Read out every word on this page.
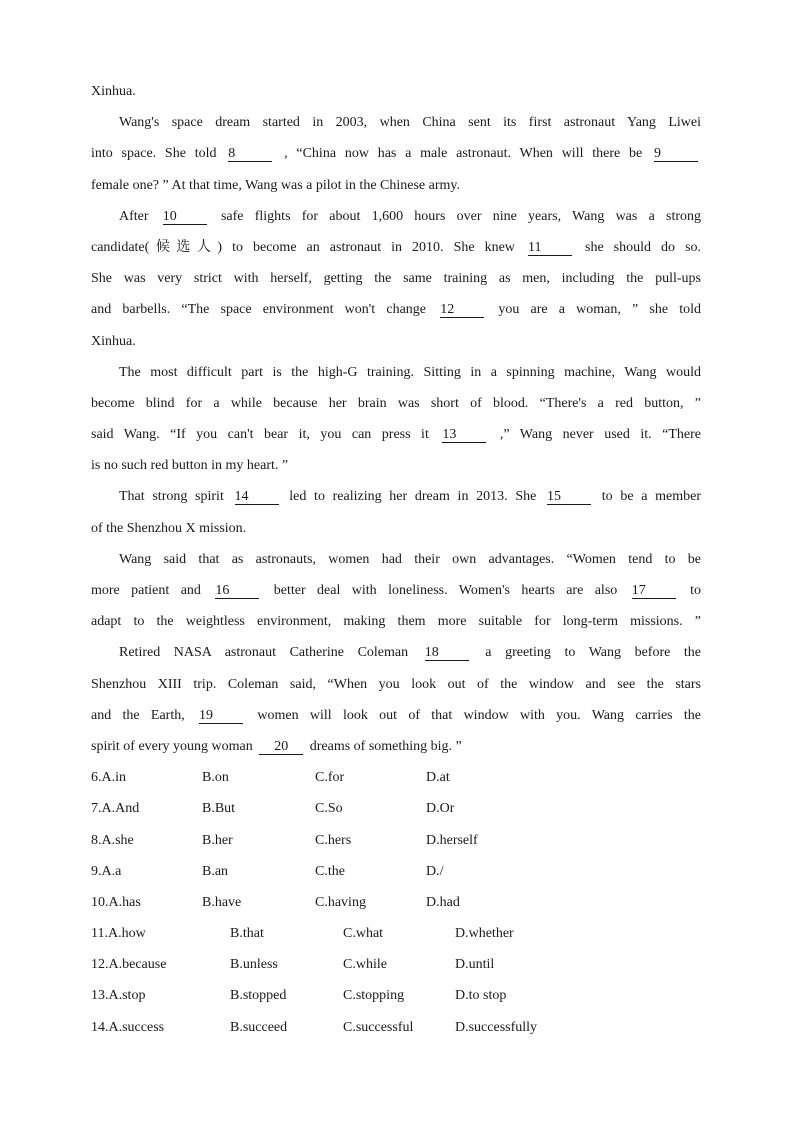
Xinhua.
Wang's space dream started in 2003, when China sent its first astronaut Yang Liwei
into space. She told 8	, “China now has a male astronaut. When will there be 9
female one? ” At that time, Wang was a pilot in the Chinese army.
After 10	safe flights for about 1,600 hours over nine years, Wang was a strong
candidate(候选人) to become an astronaut in 2010. She knew 11	she should do so.
She was very strict with herself, getting the same training as men, including the pull-ups
and barbells. “The space environment won't change 12	you are a woman, ” she told
Xinhua.
The most difficult part is the high-G training. Sitting in a spinning machine, Wang would
become blind for a while because her brain was short of blood. “There's a red button, ”
said Wang. “If you can't bear it, you can press it 13	,” Wang never used it. “There
is no such red button in my heart. ”
That strong spirit 14	led to realizing her dream in 2013. She 15	to be a member
of the Shenzhou X mission.
Wang said that as astronauts, women had their own advantages. “Women tend to be
more patient and 16	better deal with loneliness. Women's hearts are also 17	to
adapt to the weightless environment, making them more suitable for long-term missions. ”
Retired NASA astronaut Catherine Coleman 18	a greeting to Wang before the
Shenzhou XIII trip. Coleman said, “When you look out of the window and see the stars
and the Earth, 19	women will look out of that window with you. Wang carries the
spirit of every young woman 20 dreams of something big. ”
6.A.in	B.on	C.for	D.at
7.A.And	B.But	C.So	D.Or
8.A.she	B.her	C.hers	D.herself
9.A.a	B.an	C.the	D./
10.A.has	B.have	C.having	D.had
11.A.how	B.that	C.what	D.whether
12.A.because	B.unless	C.while	D.until
13.A.stop	B.stopped	C.stopping	D.to stop
14.A.success	B.succeed	C.successful	D.successfully
